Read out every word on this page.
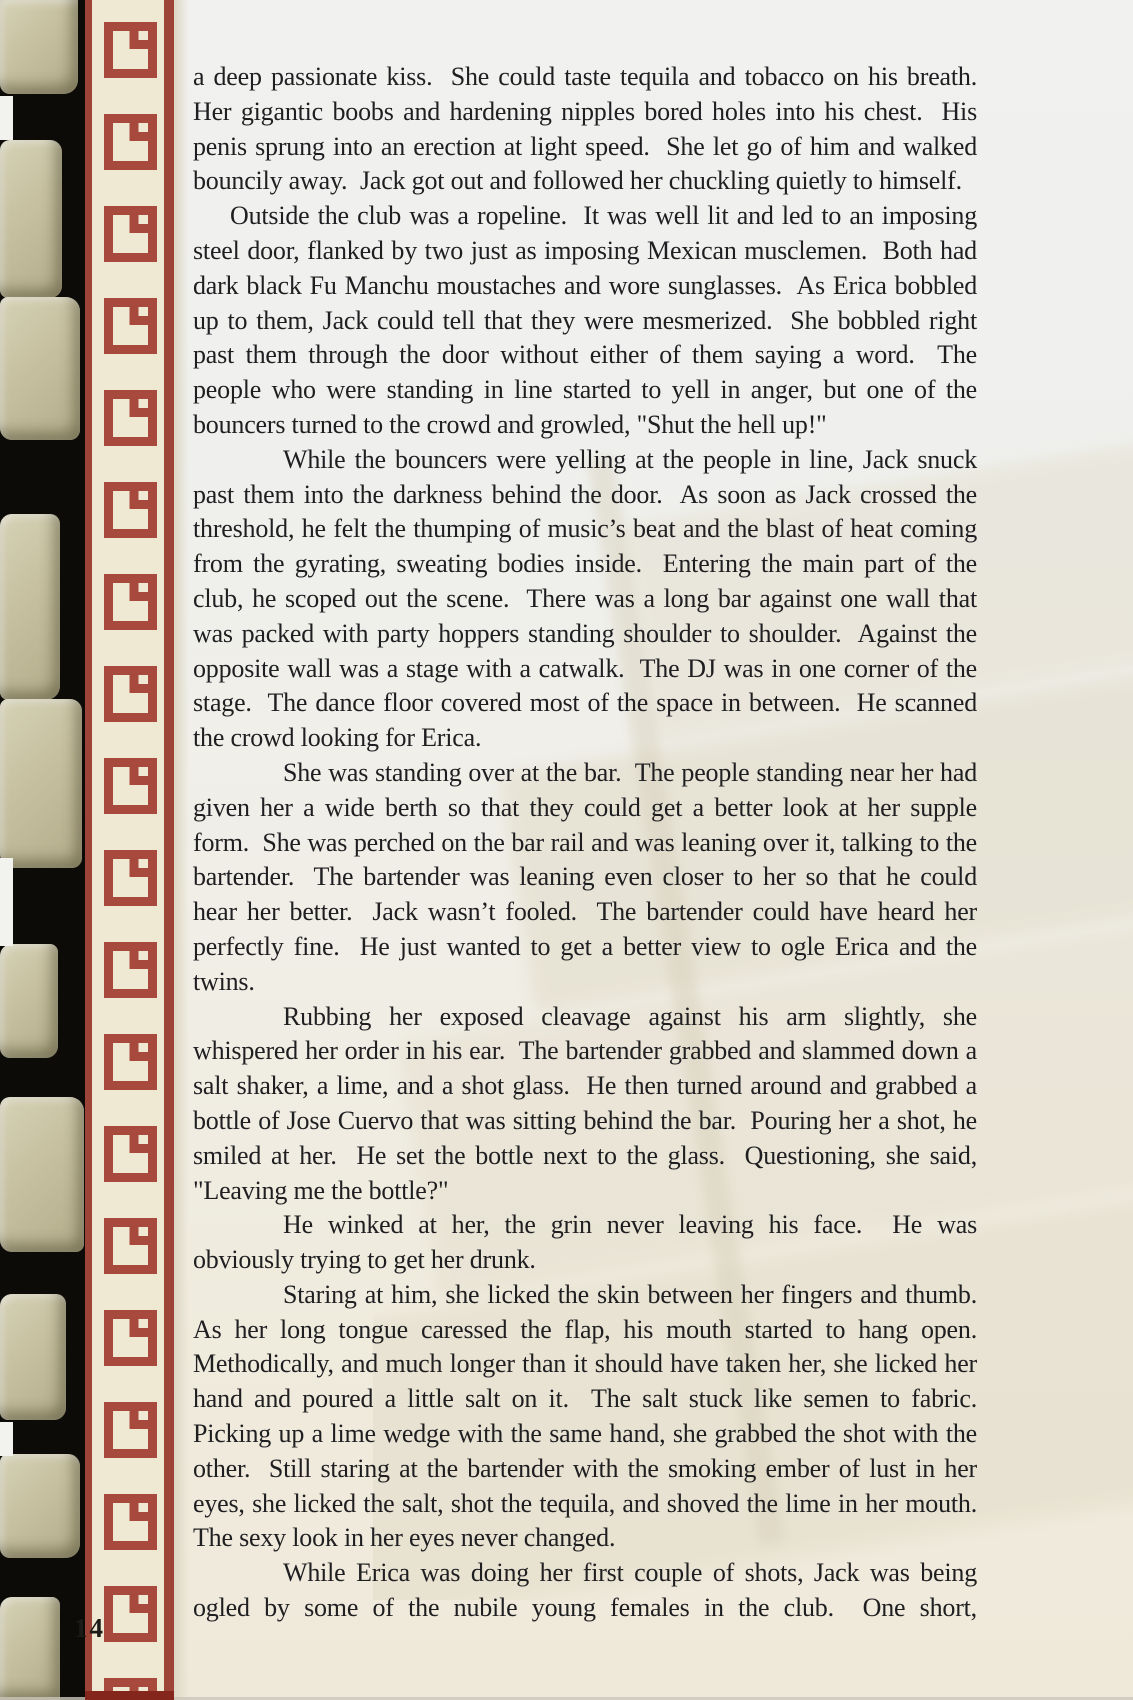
a deep passionate kiss.  She could taste tequila and tobacco on his breath.  Her gigantic boobs and hardening nipples bored holes into his chest.  His penis sprung into an erection at light speed.  She let go of him and walked bouncily away.  Jack got out and followed her chuckling quietly to himself.

Outside the club was a ropeline.  It was well lit and led to an imposing steel door, flanked by two just as imposing Mexican musclemen.  Both had dark black Fu Manchu moustaches and wore sunglasses.  As Erica bobbled up to them, Jack could tell that they were mesmerized.  She bobbled right past them through the door without either of them saying a word.  The people who were standing in line started to yell in anger, but one of the bouncers turned to the crowd and growled, "Shut the hell up!"

While the bouncers were yelling at the people in line, Jack snuck past them into the darkness behind the door.  As soon as Jack crossed the threshold, he felt the thumping of music’s beat and the blast of heat coming from the gyrating, sweating bodies inside.  Entering the main part of the club, he scoped out the scene.  There was a long bar against one wall that was packed with party hoppers standing shoulder to shoulder.  Against the opposite wall was a stage with a catwalk.  The DJ was in one corner of the stage.  The dance floor covered most of the space in between.  He scanned the crowd looking for Erica.

She was standing over at the bar.  The people standing near her had given her a wide berth so that they could get a better look at her supple form.  She was perched on the bar rail and was leaning over it, talking to the bartender.  The bartender was leaning even closer to her so that he could hear her better.  Jack wasn’t fooled.  The bartender could have heard her perfectly fine.  He just wanted to get a better view to ogle Erica and the twins.

Rubbing her exposed cleavage against his arm slightly, she whispered her order in his ear.  The bartender grabbed and slammed down a salt shaker, a lime, and a shot glass.  He then turned around and grabbed a bottle of Jose Cuervo that was sitting behind the bar.  Pouring her a shot, he smiled at her.  He set the bottle next to the glass.  Questioning, she said, "Leaving me the bottle?"

He winked at her, the grin never leaving his face.  He was obviously trying to get her drunk.

Staring at him, she licked the skin between her fingers and thumb.  As her long tongue caressed the flap, his mouth started to hang open.  Methodically, and much longer than it should have taken her, she licked her hand and poured a little salt on it.  The salt stuck like semen to fabric.  Picking up a lime wedge with the same hand, she grabbed the shot with the other.  Still staring at the bartender with the smoking ember of lust in her eyes, she licked the salt, shot the tequila, and shoved the lime in her mouth.  The sexy look in her eyes never changed.

While Erica was doing her first couple of shots, Jack was being ogled by some of the nubile young females in the club.  One short,

14
